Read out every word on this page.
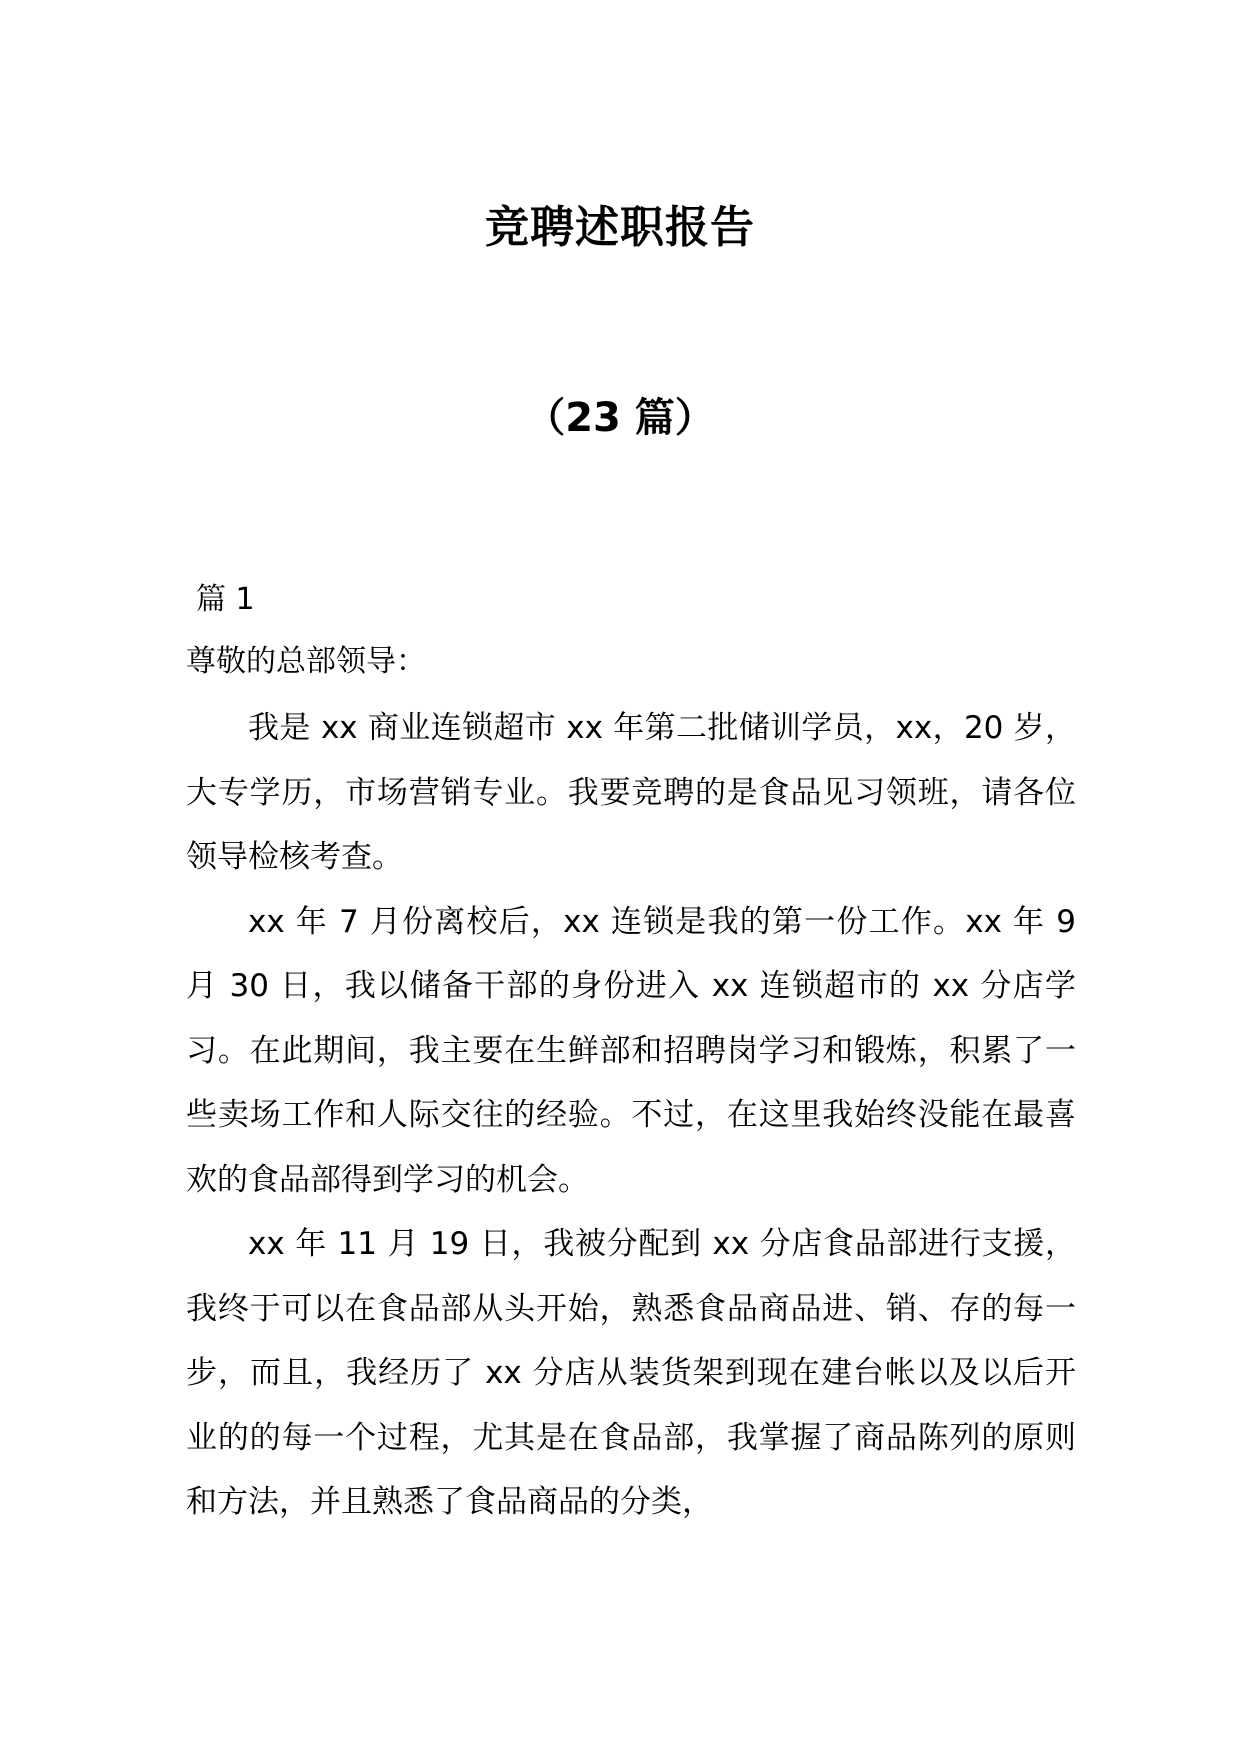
竞聘述职报告
（23 篇）
篇 1
尊敬的总部领导：

我是 xx 商业连锁超市 xx 年第二批储训学员，xx，20 岁，大专学历，市场营销专业。我要竞聘的是食品见习领班，请各位领导检核考查。

xx 年 7 月份离校后，xx 连锁是我的第一份工作。xx 年 9 月 30 日，我以储备干部的身份进入 xx 连锁超市的 xx 分店学习。在此期间，我主要在生鲜部和招聘岗学习和锻炼，积累了一些卖场工作和人际交往的经验。不过，在这里我始终没能在最喜欢的食品部得到学习的机会。

xx 年 11 月 19 日，我被分配到 xx 分店食品部进行支援，我终于可以在食品部从头开始，熟悉食品商品进、销、存的每一步，而且，我经历了 xx 分店从装货架到现在建台帐以及以后开业的的每一个过程，尤其是在食品部，我掌握了商品陈列的原则和方法，并且熟悉了食品商品的分类，
